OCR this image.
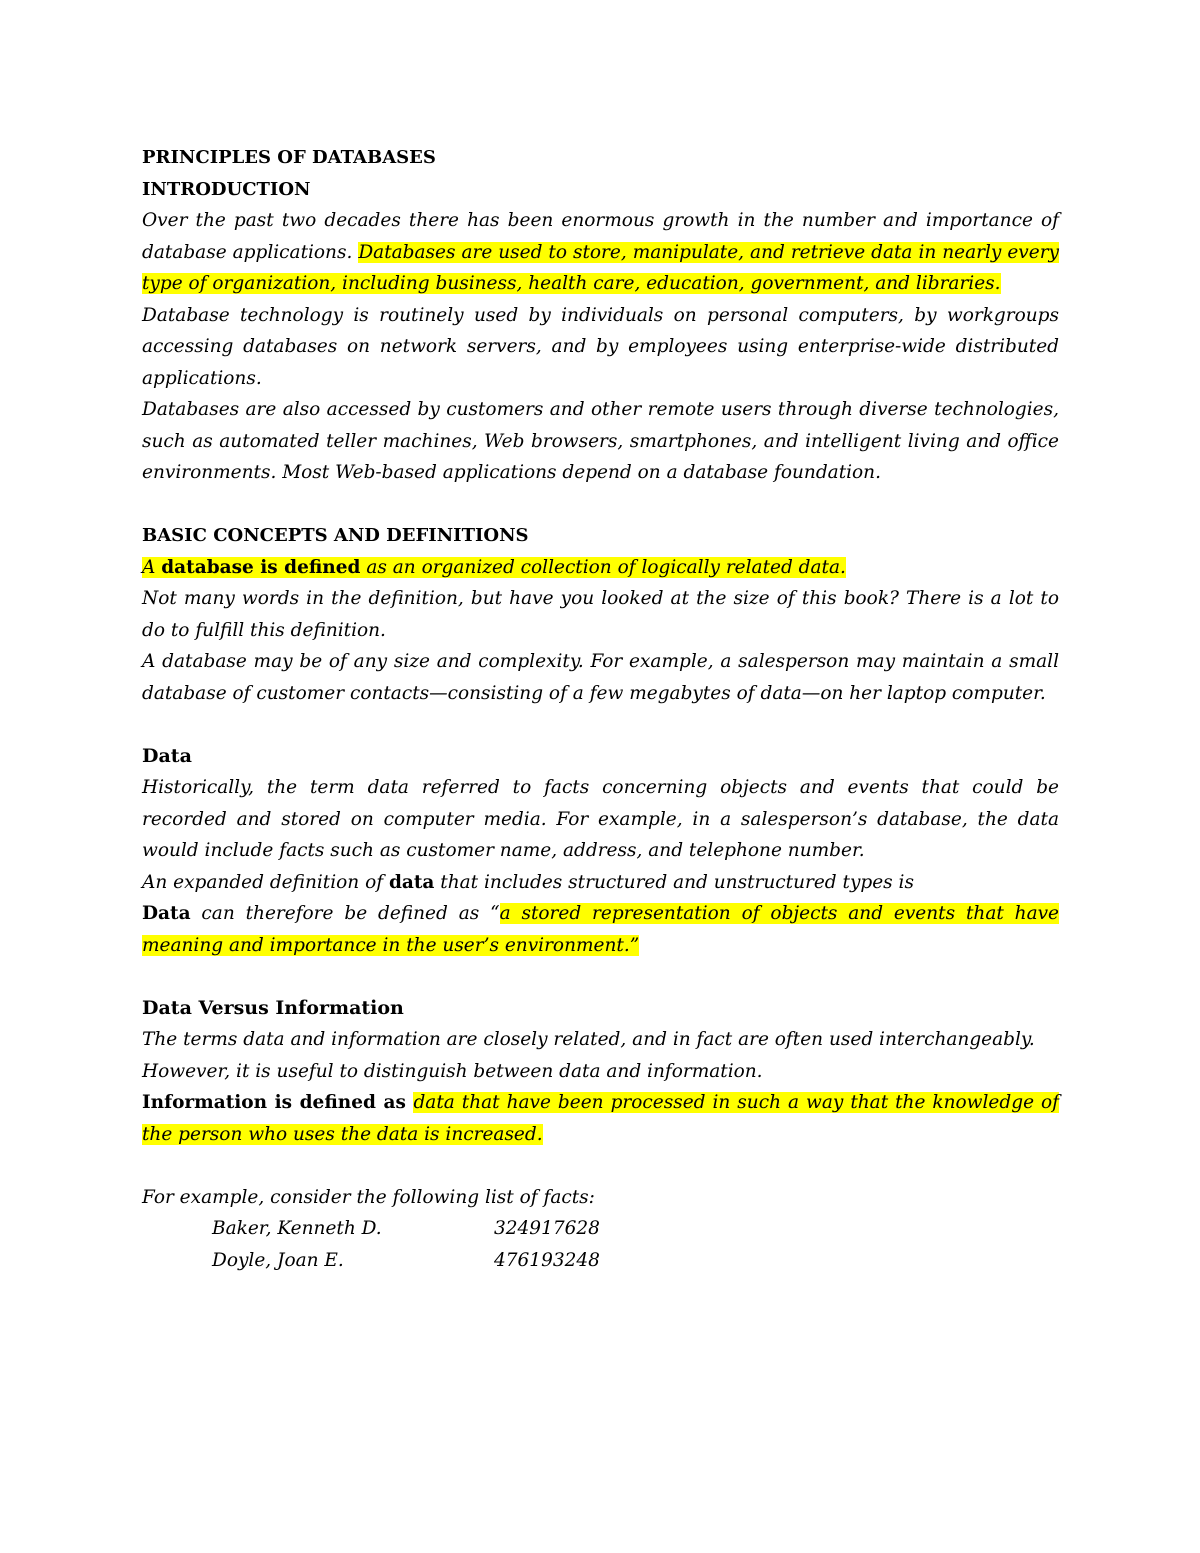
PRINCIPLES OF DATABASES
INTRODUCTION

Over the past two decades there has been enormous growth in the number and importance of database applications. Databases are used to store, manipulate, and retrieve data in nearly every type of organization, including business, health care, education, government, and libraries.

Database technology is routinely used by individuals on personal computers, by workgroups accessing databases on network servers, and by employees using enterprise-wide distributed applications.

Databases are also accessed by customers and other remote users through diverse technologies, such as automated teller machines, Web browsers, smartphones, and intelligent living and office environments. Most Web-based applications depend on a database foundation.

BASIC CONCEPTS AND DEFINITIONS

A database is defined as an organized collection of logically related data.

Not many words in the definition, but have you looked at the size of this book? There is a lot to do to fulfill this definition.

A database may be of any size and complexity. For example, a salesperson may maintain a small database of customer contacts—consisting of a few megabytes of data—on her laptop computer.

Data

Historically, the term data referred to facts concerning objects and events that could be recorded and stored on computer media. For example, in a salesperson’s database, the data would include facts such as customer name, address, and telephone number.

An expanded definition of data that includes structured and unstructured types is

Data can therefore be defined as “a stored representation of objects and events that have meaning and importance in the user’s environment.”

Data Versus Information

The terms data and information are closely related, and in fact are often used interchangeably.

However, it is useful to distinguish between data and information.

Information is defined as data that have been processed in such a way that the knowledge of the person who uses the data is increased.

For example, consider the following list of facts:

Baker, Kenneth D.	324917628
Doyle, Joan E.	476193248
